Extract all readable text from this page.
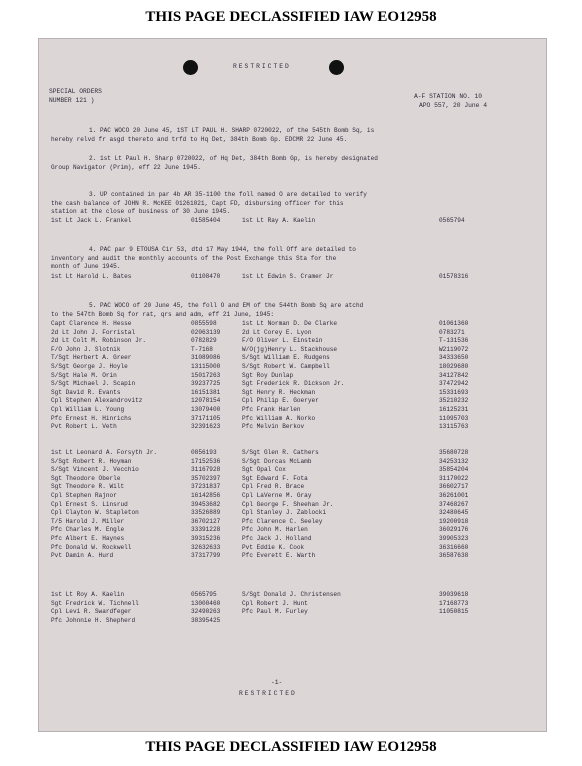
THIS PAGE DECLASSIFIED IAW EO12958
RESTRICTED
SPECIAL ORDERS
NUMBER 121 )
A-F STATION NO. 10
APO 557, 20 June 4
1. PAC WOCO 20 June 45, 1ST LT PAUL H. SHARP 0720022, of the 545th Bomb Sq, is
hereby relvd fr asgd thereto and trfd to Hq Det, 384th Bomb Gp. EDCMR 22 June 45.
2. 1st Lt Paul H. Sharp 0720022, of Hq Det, 384th Bomb Gp, is hereby designated
Group Navigator (Prim), eff 22 June 1945.
3. UP contained in par 4b AR 35-1100 the foll named O are detailed to verify
the cash balance of JOHN R. McKEE 01261021, Capt FD, disbursing officer for this
station at the close of business of 30 June 1945.
1st Lt Jack L. Frankel	01585404	1st Lt Ray A. Kaelin	0565794
4. PAC par 9 ETOUSA Cir 53, dtd 17 May 1944, the foll Off are detailed to
inventory and audit the monthly accounts of the Post Exchange this Sta for the
month of June 1945.
1st Lt Harold L. Bates	01108470	1st Lt Edwin S. Cramer Jr	01578316
5. PAC WOCO of 20 June 45, the foll O and EM of the 544th Bomb Sq are atchd
to the 547th Bomb Sq for rat, qrs and adm, eff 21 June, 1945:
Capt Clarence H. Hesse	0855598	1st Lt Norman D. De Clarke	01061360
2d Lt John J. Forristal	02063139	2d Lt Corey E. Lyon	0783271
2d Lt Colt M. Robinson Jr.	0782829	F/O Oliver L. Einstein	T-131536
F/O John J. Slotnik	T-7168	W/O(jg)Henry L. Stackhouse	W2119072
T/Sgt Herbert A. Greer	31089086	S/Sgt William E. Rudgens	34333650
S/Sgt George J. Hoyle	13115000	S/Sgt Robert W. Campbell	18029680
S/Sgt Hale M. Orin	15017263	Sgt Roy Dunlap	34127842
S/Sgt Michael J. Scapin	39237725	Sgt Frederick R. Dickson Jr.	37472942
Sgt David R. Evants	16151381	Sgt Henry R. Heckman	15331693
Cpl Stephen Alexandrovitz	12078154	Cpl Philip E. Goeryer	35210232
Cpl William L. Young	13079400	Pfc Frank Harlen	16125231
Pfc Ernest H. Hinrichs	37171105	Pfc William A. Norko	11095703
Pvt Robert L. Veth	32391623	Pfc Melvin Berkov	13115763
1st Lt Leonard A. Forsyth Jr.	0856193	S/Sgt Glen R. Cathers	35680728
S/Sgt Robert R. Hoyman	17152536	S/Sgt Dorcas McLamb	34253132
S/Sgt Vincent J. Vecchio	31167928	Sgt Opal Cox	35854204
Sgt Theodore Oberle	35702397	Sgt Edward F. Fota	31170022
Sgt Theodore R. Wilt	37231837	Cpl Fred R. Brace	36602717
Cpl Stephen Rajnor	16142856	Cpl LaVerne M. Gray	36261001
Cpl Ernest S. Linsrud	39453682	Cpl George F. Sheehan Jr.	37468267
Cpl Clayton W. Stapleton	33526889	Cpl Stanley J. Zablocki	32480645
T/5 Harold J. Miller	36702127	Pfc Clarence C. Seeley	19200918
Pfc Charles M. Engle	33391228	Pfc John M. Harlen	36029176
Pfc Albert E. Haynes	39315236	Pfc Jack J. Holland	39905323
Pfc Donald W. Rockwell	32632633	Pvt Eddie K. Cook	36316660
Pvt Damin A. Hurd	37317799	Pfc Everett E. Warth	36587638
1st Lt Roy A. Kaelin	0565795	S/Sgt Donald J. Christensen	39039618
Sgt Fredrick W. Tichnell	13000460	Cpl Robert J. Hunt	17168773
Cpl Levi R. Swardfeger	32490263	Pfc Paul M. Furley	11050815
Pfc Johnnie H. Shepherd	38395425
-1-
RESTRICTED
THIS PAGE DECLASSIFIED IAW EO12958
